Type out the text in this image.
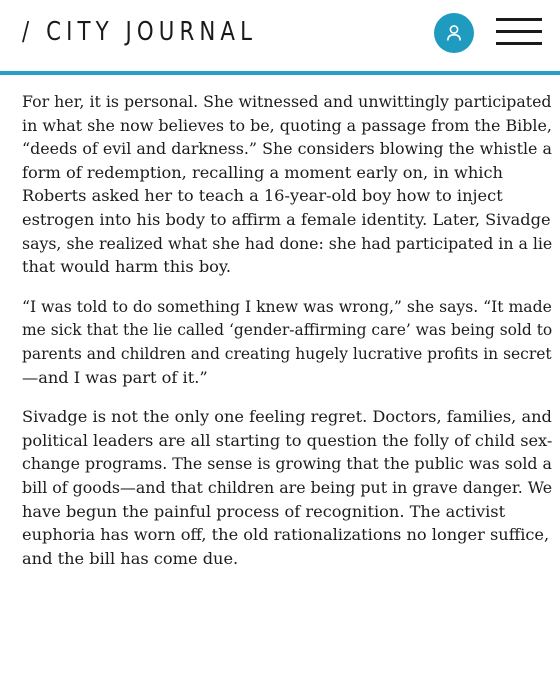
/ CITY JOURNAL

For her, it is personal. She witnessed and unwittingly participated
in what she now believes to be, quoting a passage from the Bible,
“deeds of evil and darkness.” She considers blowing the whistle a
form of redemption, recalling a moment early on, in which
Roberts asked her to teach a 16-year-old boy how to inject
estrogen into his body to affirm a female identity. Later, Sivadge
says, she realized what she had done: she had participated in a lie
that would harm this boy.

“I was told to do something I knew was wrong,” she says. “It made
me sick that the lie called ‘gender-affirming care’ was being sold to
parents and children and creating hugely lucrative profits in secret
—and I was part of it.”

Sivadge is not the only one feeling regret. Doctors, families, and
political leaders are all starting to question the folly of child sex-
change programs. The sense is growing that the public was sold a
bill of goods—and that children are being put in grave danger. We
have begun the painful process of recognition. The activist
euphoria has worn off, the old rationalizations no longer suffice,
and the bill has come due.
